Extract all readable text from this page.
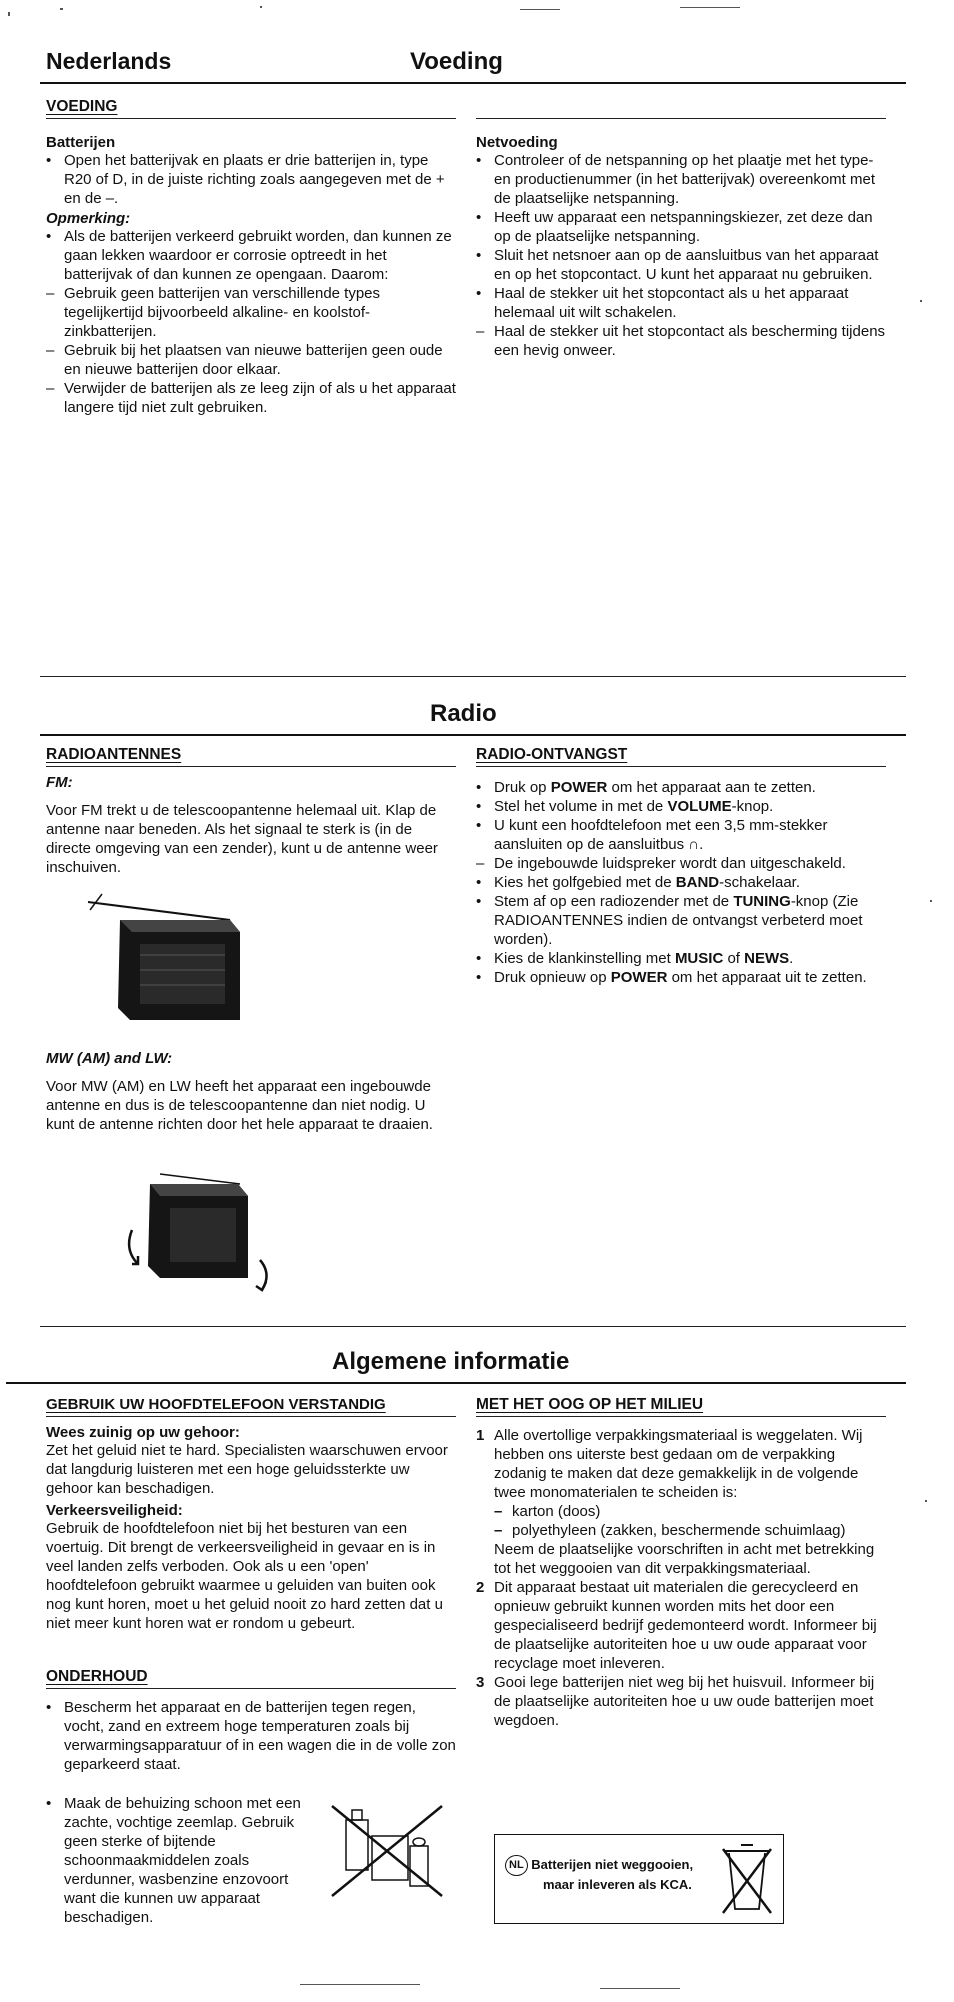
Nederlands	Voeding
VOEDING
Batterijen
• Open het batterijvak en plaats er drie batterijen in, type R20 of D, in de juiste richting zoals aangegeven met de + en de –.
Opmerking:
• Als de batterijen verkeerd gebruikt worden, dan kunnen ze gaan lekken waardoor er corrosie optreedt in het batterijvak of dan kunnen ze opengaan. Daarom:
– Gebruik geen batterijen van verschillende types tegelijkertijd bijvoorbeeld alkaline- en koolstof-zinkbatterijen.
– Gebruik bij het plaatsen van nieuwe batterijen geen oude en nieuwe batterijen door elkaar.
– Verwijder de batterijen als ze leeg zijn of als u het apparaat langere tijd niet zult gebruiken.
Netvoeding
• Controleer of de netspanning op het plaatje met het type- en productienummer (in het batterijvak) overeenkomt met de plaatselijke netspanning.
• Heeft uw apparaat een netspanningskiezer, zet deze dan op de plaatselijke netspanning.
• Sluit het netsnoer aan op de aansluitbus van het apparaat en op het stopcontact. U kunt het apparaat nu gebruiken.
• Haal de stekker uit het stopcontact als u het apparaat helemaal uit wilt schakelen.
– Haal de stekker uit het stopcontact als bescherming tijdens een hevig onweer.
Radio
RADIOANTENNES	RADIO-ONTVANGST
FM:
Voor FM trekt u de telescoopantenne helemaal uit. Klap de antenne naar beneden. Als het signaal te sterk is (in de directe omgeving van een zender), kunt u de antenne weer inschuiven.
MW (AM) and LW:
Voor MW (AM) en LW heeft het apparaat een ingebouwde antenne en dus is de telescoopantenne dan niet nodig. U kunt de antenne richten door het hele apparaat te draaien.
• Druk op POWER om het apparaat aan te zetten.
• Stel het volume in met de VOLUME-knop.
• U kunt een hoofdtelefoon met een 3,5 mm-stekker aansluiten op de aansluitbus ∩.
– De ingebouwde luidspreker wordt dan uitgeschakeld.
• Kies het golfgebied met de BAND-schakelaar.
• Stem af op een radiozender met de TUNING-knop (Zie RADIOANTENNES indien de ontvangst verbeterd moet worden).
• Kies de klankinstelling met MUSIC of NEWS.
• Druk opnieuw op POWER om het apparaat uit te zetten.
Algemene informatie
GEBRUIK UW HOOFDTELEFOON VERSTANDIG	MET HET OOG OP HET MILIEU
Wees zuinig op uw gehoor:
Zet het geluid niet te hard. Specialisten waarschuwen ervoor dat langdurig luisteren met een hoge geluidssterkte uw gehoor kan beschadigen.
Verkeersveiligheid:
Gebruik de hoofdtelefoon niet bij het besturen van een voertuig. Dit brengt de verkeersveiligheid in gevaar en is in veel landen zelfs verboden. Ook als u een 'open' hoofdtelefoon gebruikt waarmee u geluiden van buiten ook nog kunt horen, moet u het geluid nooit zo hard zetten dat u niet meer kunt horen wat er rondom u gebeurt.
ONDERHOUD
• Bescherm het apparaat en de batterijen tegen regen, vocht, zand en extreem hoge temperaturen zoals bij verwarmingsapparatuur of in een wagen die in de volle zon geparkeerd staat.
• Maak de behuizing schoon met een zachte, vochtige zeemlap. Gebruik geen sterke of bijtende schoonmaakmiddelen zoals verdunner, wasbenzine enzovoort want die kunnen uw apparaat beschadigen.
1 Alle overtollige verpakkingsmateriaal is weggelaten. Wij hebben ons uiterste best gedaan om de verpakking zodanig te maken dat deze gemakkelijk in de volgende twee monomaterialen te scheiden is:
– karton (doos)
– polyethyleen (zakken, beschermende schuimlaag)
Neem de plaatselijke voorschriften in acht met betrekking tot het weggooien van dit verpakkingsmateriaal.
2 Dit apparaat bestaat uit materialen die gerecycleerd en opnieuw gebruikt kunnen worden mits het door een gespecialiseerd bedrijf gedemonteerd wordt. Informeer bij de plaatselijke autoriteiten hoe u uw oude apparaat voor recyclage moet inleveren.
3 Gooi lege batterijen niet weg bij het huisvuil. Informeer bij de plaatselijke autoriteiten hoe u uw oude batterijen moet wegdoen.
NL Batterijen niet weggooien,
maar inleveren als KCA.
